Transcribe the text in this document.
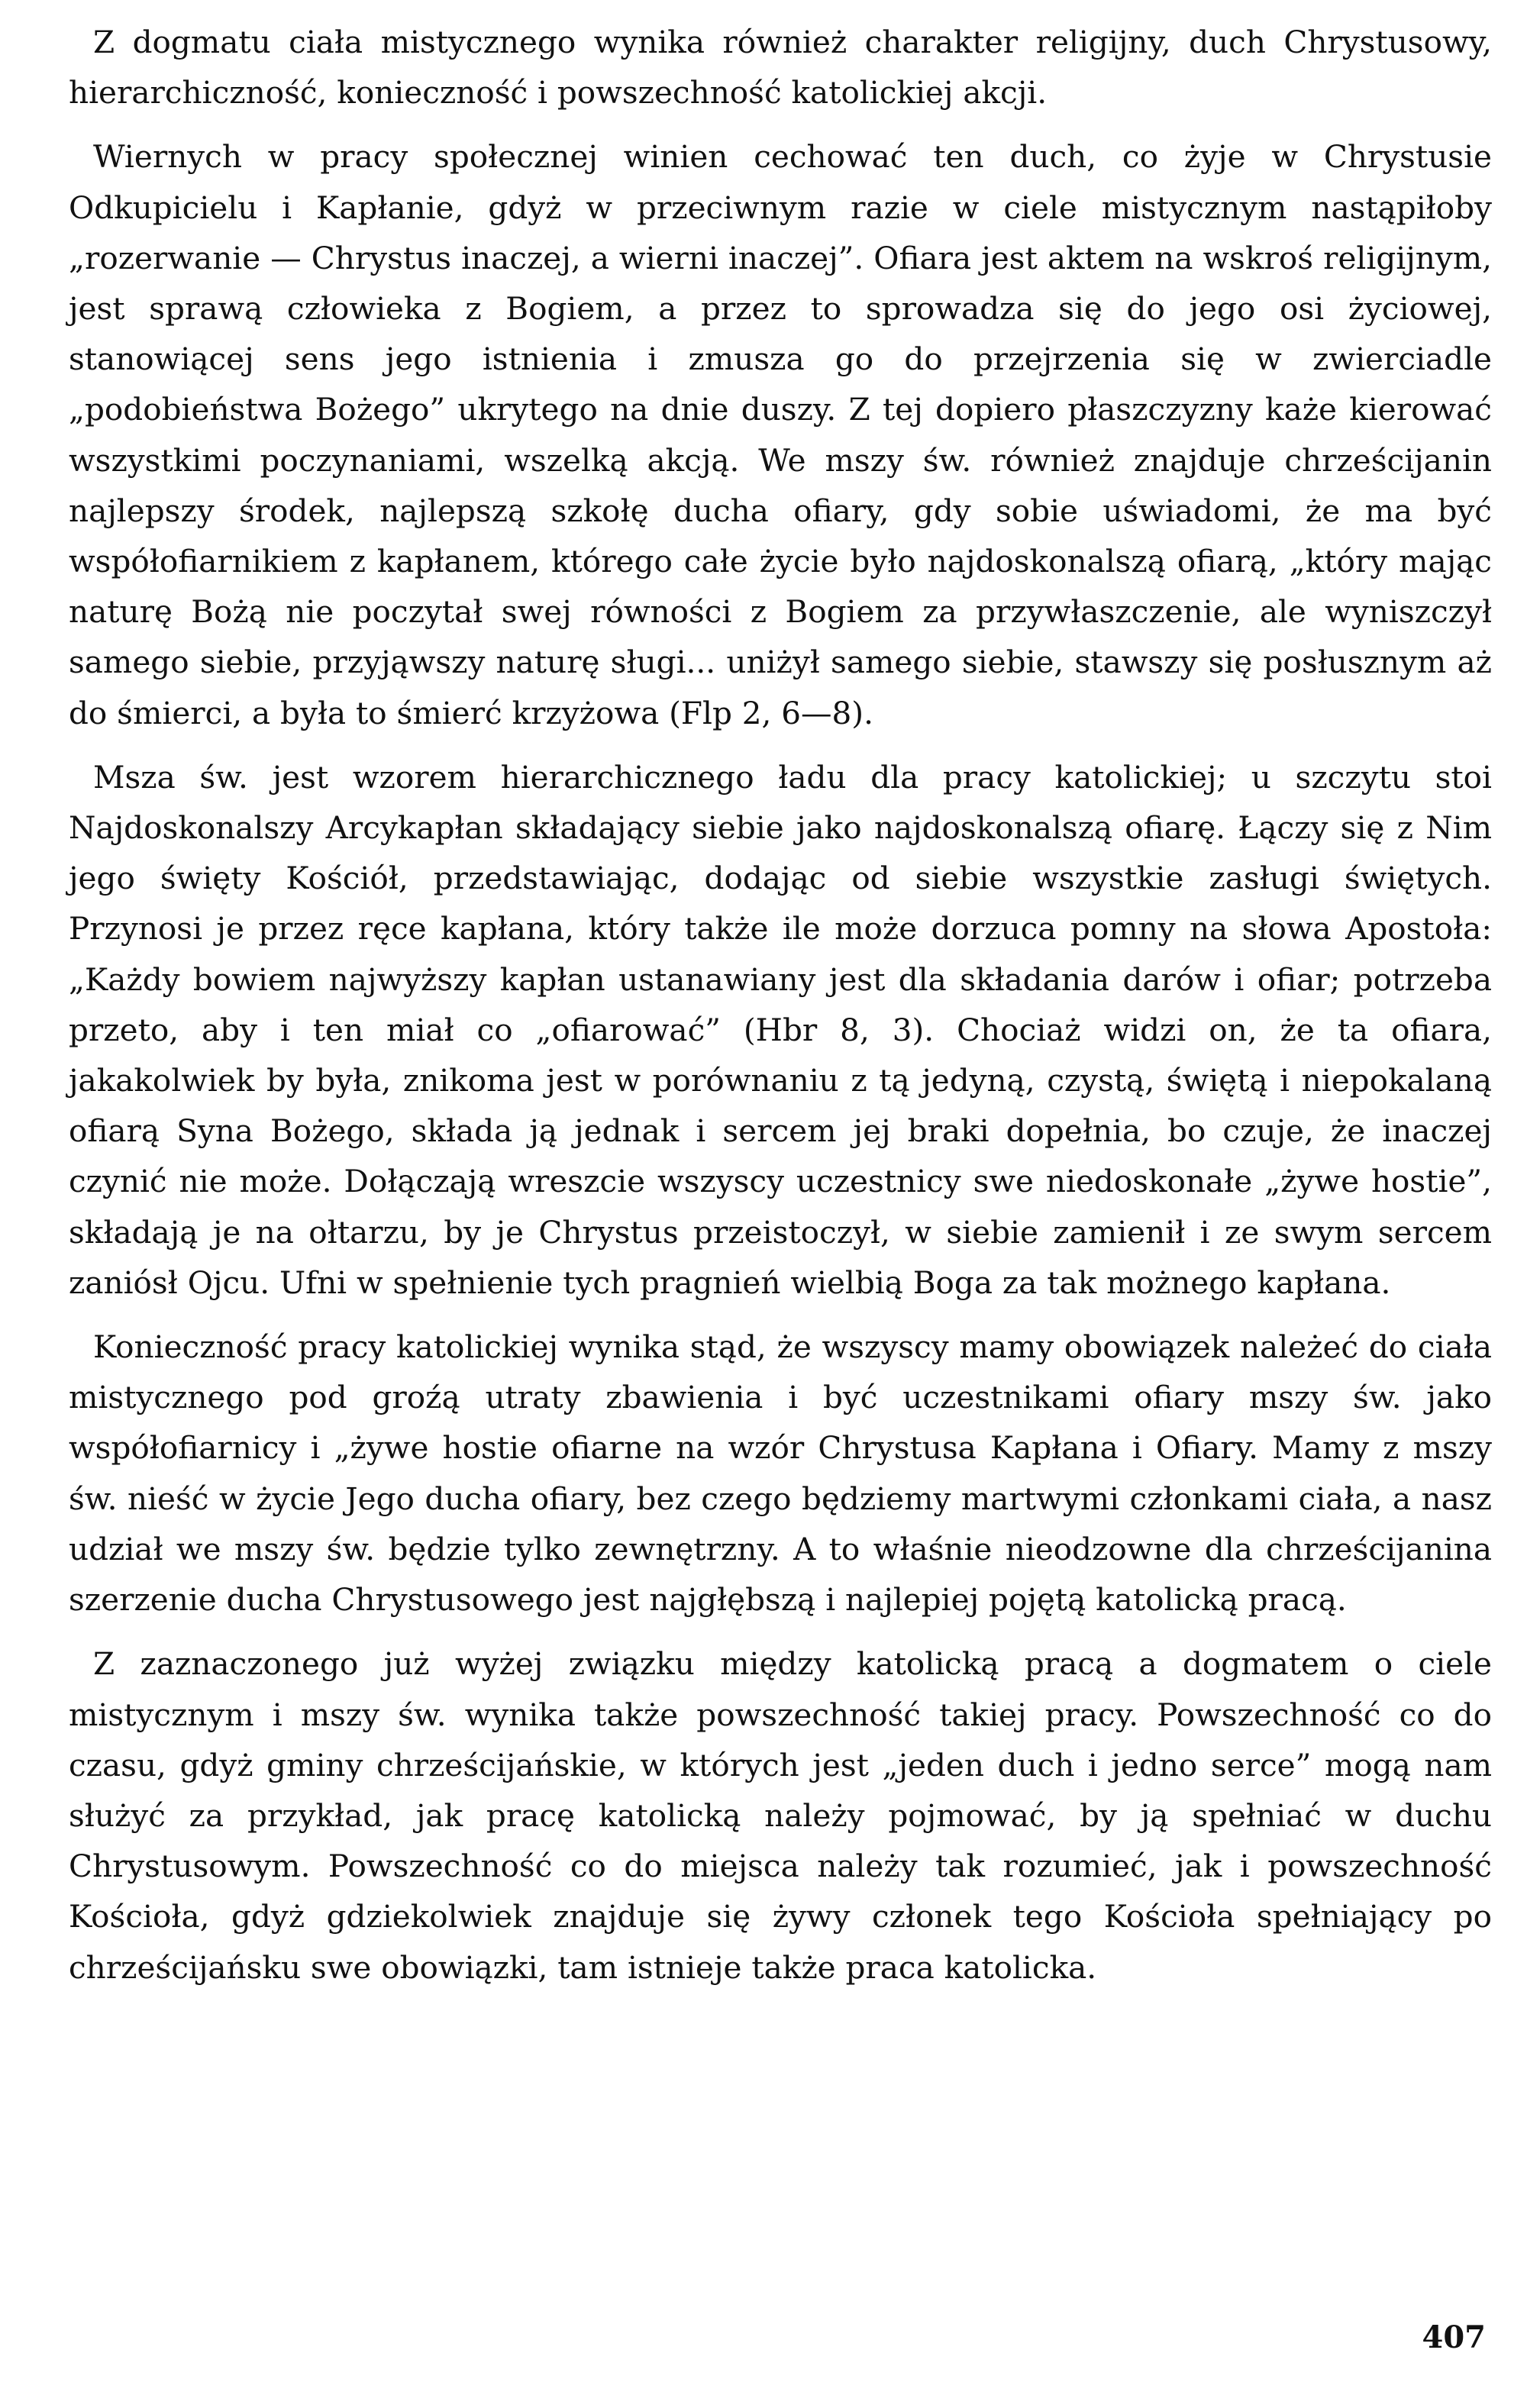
Z dogmatu ciała mistycznego wynika również charakter religijny, duch Chrystusowy, hierarchiczność, konieczność i powszechność katolickiej akcji.

Wiernych w pracy społecznej winien cechować ten duch, co żyje w Chrystusie Odkupicielu i Kapłanie, gdyż w przeciwnym razie w ciele mistycznym nastąpiłoby „rozerwanie — Chrystus inaczej, a wierni inaczej”. Ofiara jest aktem na wskroś religijnym, jest sprawą człowieka z Bogiem, a przez to sprowadza się do jego osi życiowej, stanowiącej sens jego istnienia i zmusza go do przejrzenia się w zwierciadle „podobieństwa Bożego” ukrytego na dnie duszy. Z tej dopiero płaszczyzny każe kierować wszystkimi poczynaniami, wszelką akcją. We mszy św. również znajduje chrześcijanin najlepszy środek, najlepszą szkołę ducha ofiary, gdy sobie uświadomi, że ma być współofiarnikiem z kapłanem, którego całe życie było najdoskonalszą ofiarą, „który mając naturę Bożą nie poczytał swej równości z Bogiem za przywłaszczenie, ale wyniszczył samego siebie, przyjąwszy naturę sługi... uniżył samego siebie, stawszy się posłusznym aż do śmierci, a była to śmierć krzyżowa (Flp 2, 6—8).

Msza św. jest wzorem hierarchicznego ładu dla pracy katolickiej; u szczytu stoi Najdoskonalszy Arcykapłan składający siebie jako najdoskonalszą ofiarę. Łączy się z Nim jego święty Kościół, przedstawiając, dodając od siebie wszystkie zasługi świętych. Przynosi je przez ręce kapłana, który także ile może dorzuca pomny na słowa Apostoła: „Każdy bowiem najwyższy kapłan ustanawiany jest dla składania darów i ofiar; potrzeba przeto, aby i ten miał co „ofiarować” (Hbr 8, 3). Chociaż widzi on, że ta ofiara, jakakolwiek by była, znikoma jest w porównaniu z tą jedyną, czystą, świętą i niepokalaną ofiarą Syna Bożego, składa ją jednak i sercem jej braki dopełnia, bo czuje, że inaczej czynić nie może. Dołączają wreszcie wszyscy uczestnicy swe niedoskonałe „żywe hostie”, składają je na ołtarzu, by je Chrystus przeistoczył, w siebie zamienił i ze swym sercem zaniósł Ojcu. Ufni w spełnienie tych pragnień wielbią Boga za tak możnego kapłana.

Konieczność pracy katolickiej wynika stąd, że wszyscy mamy obowiązek należeć do ciała mistycznego pod groźą utraty zbawienia i być uczestnikami ofiary mszy św. jako współofiarnicy i „żywe hostie ofiarne na wzór Chrystusa Kapłana i Ofiary. Mamy z mszy św. nieść w życie Jego ducha ofiary, bez czego będziemy martwymi członkami ciała, a nasz udział we mszy św. będzie tylko zewnętrzny. A to właśnie nieodzowne dla chrześcijanina szerzenie ducha Chrystusowego jest najgłębszą i najlepiej pojętą katolicką pracą.

Z zaznaczonego już wyżej związku między katolicką pracą a dogmatem o ciele mistycznym i mszy św. wynika także powszechność takiej pracy. Powszechność co do czasu, gdyż gminy chrześcijańskie, w których jest „jeden duch i jedno serce” mogą nam służyć za przykład, jak pracę katolicką należy pojmować, by ją spełniać w duchu Chrystusowym. Powszechność co do miejsca należy tak rozumieć, jak i powszechność Kościoła, gdyż gdziekolwiek znajduje się żywy członek tego Kościoła spełniający po chrześcijańsku swe obowiązki, tam istnieje także praca katolicka.

407
